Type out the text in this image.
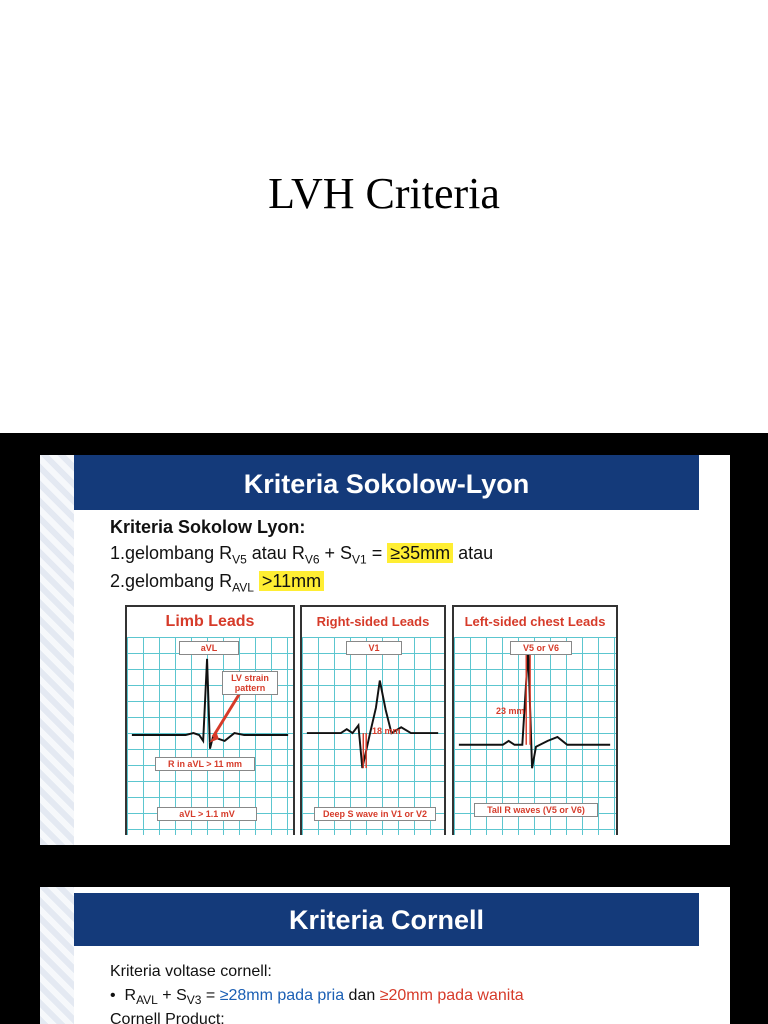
LVH Criteria
Kriteria Sokolow-Lyon
Kriteria Sokolow Lyon:
1.gelombang $R_{V5}$ atau $R_{V6} + S_{V1} = \ge 35mm$ atau
2.gelombang $R_{AVL} >11mm$
Limb Leads
aVL
LV strain pattern
R in aVL > 11 mm
aVL > 1.1 mV
Right-sided Leads
V1
18 mm
Deep S wave in V1 or V2
Left-sided chest Leads
V5 or V6
23 mm
Tall R waves (V5 or V6)
Kriteria Cornell
Kriteria voltase cornell:
• $R_{AVL} + S_{V3} = \ge 28mm$ pada pria dan ≥20mm pada wanita
Cornell Product:
